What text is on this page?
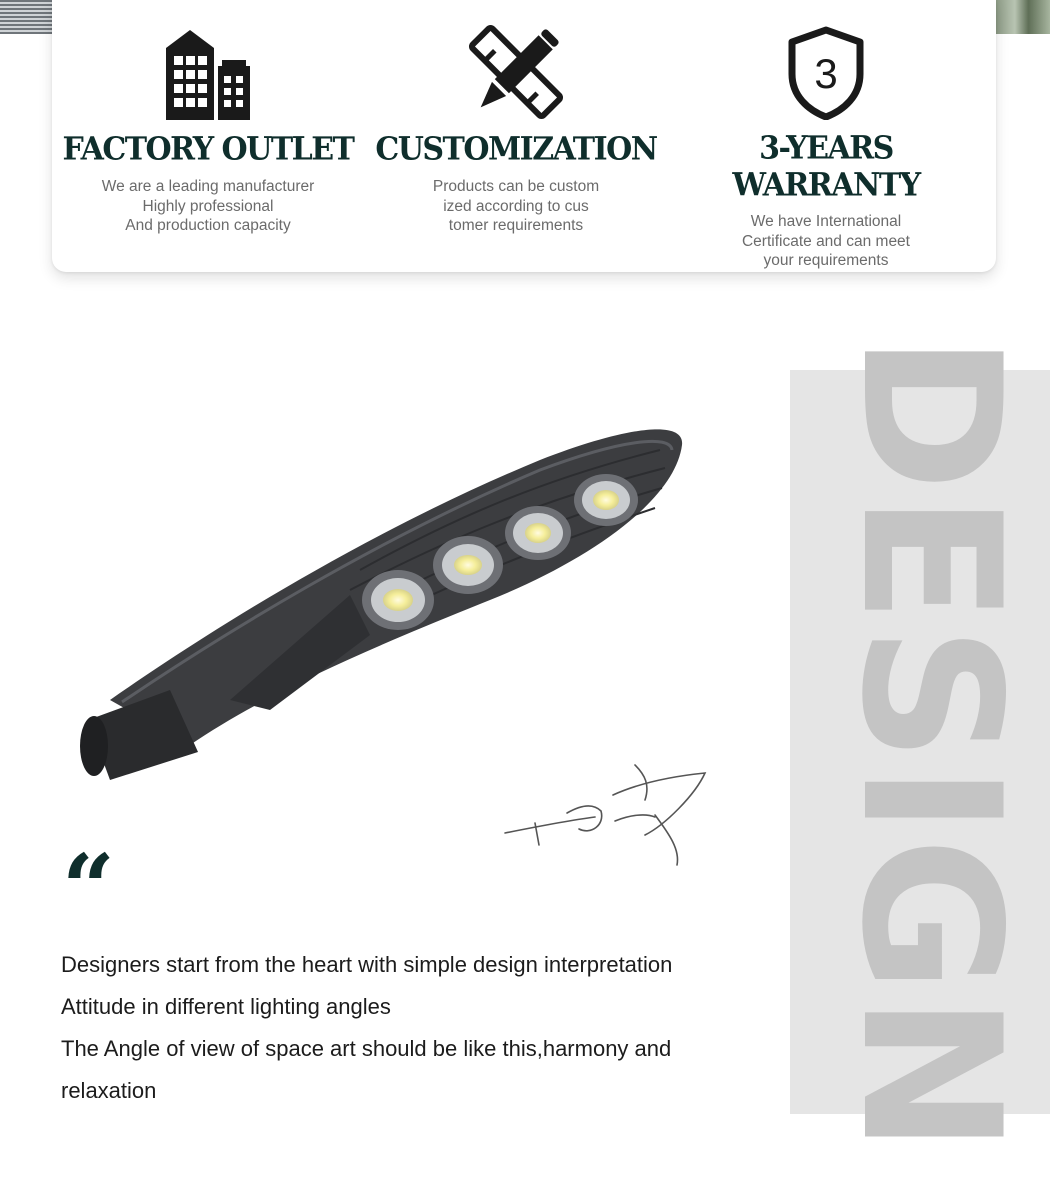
FACTORY OUTLET
We are a leading manufacturer
Highly professional
And production capacity
CUSTOMIZATION
Products can be custom
ized according to cus
tomer requirements
3
3-YEARS WARRANTY
We have International
Certificate and can meet
your requirements
DESIGN
“
Designers start from the heart with simple design interpretation
Attitude in different lighting angles
The Angle of view of space art should be like this,harmony and
relaxation
